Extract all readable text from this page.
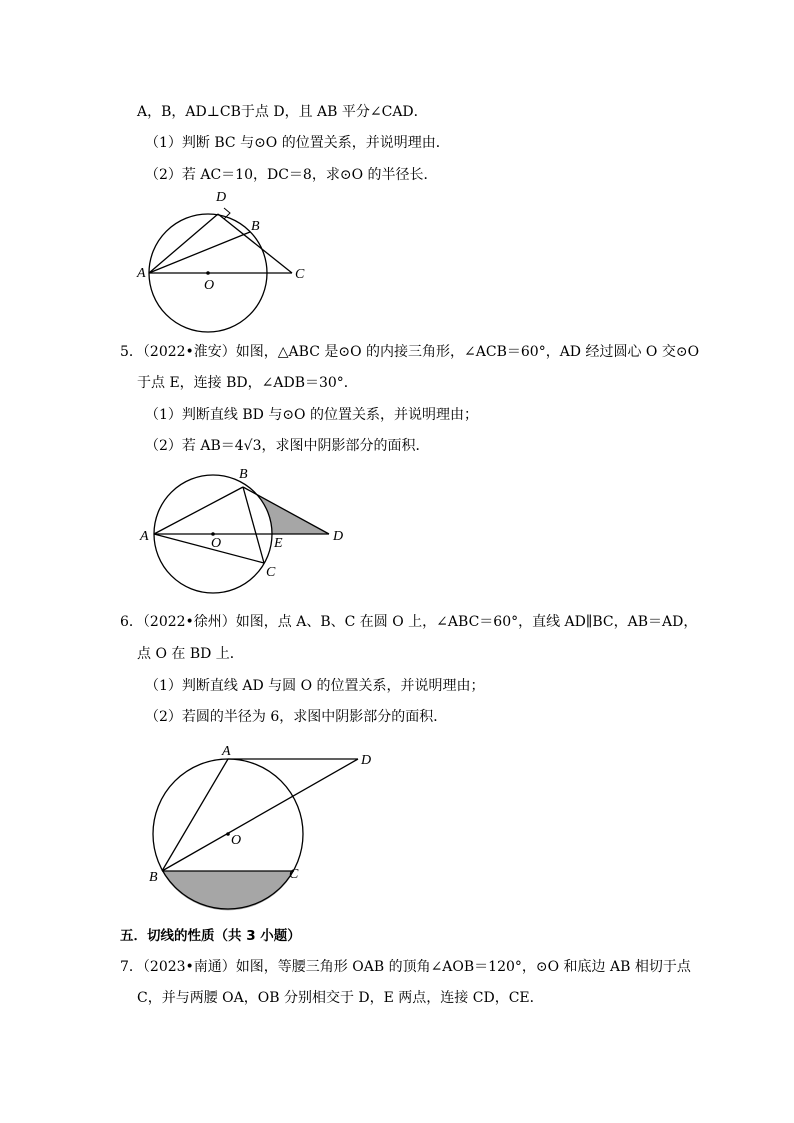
A，B，AD⊥CB于点 D，且 AB 平分∠CAD．
（1）判断 BC 与⊙O 的位置关系，并说明理由．
（2）若 AC＝10，DC＝8，求⊙O 的半径长．
D
B
A	C
O
5．（2022•淮安）如图，△ABC 是⊙O 的内接三角形，∠ACB＝60°，AD 经过圆心 O 交⊙O
于点 E，连接 BD，∠ADB＝30°．
（1）判断直线 BD 与⊙O 的位置关系，并说明理由；
（2）若 AB＝4√3，求图中阴影部分的面积．
B
A	O	E	D
C
6．（2022•徐州）如图，点 A、B、C 在圆 O 上，∠ABC＝60°，直线 AD∥BC，AB＝AD，
点 O 在 BD 上．
（1）判断直线 AD 与圆 O 的位置关系，并说明理由；
（2）若圆的半径为 6，求图中阴影部分的面积．
A
D
O
B	C
五．切线的性质（共 3 小题）
7．（2023•南通）如图，等腰三角形 OAB 的顶角∠AOB＝120°，⊙O 和底边 AB 相切于点
C，并与两腰 OA，OB 分别相交于 D，E 两点，连接 CD，CE．
